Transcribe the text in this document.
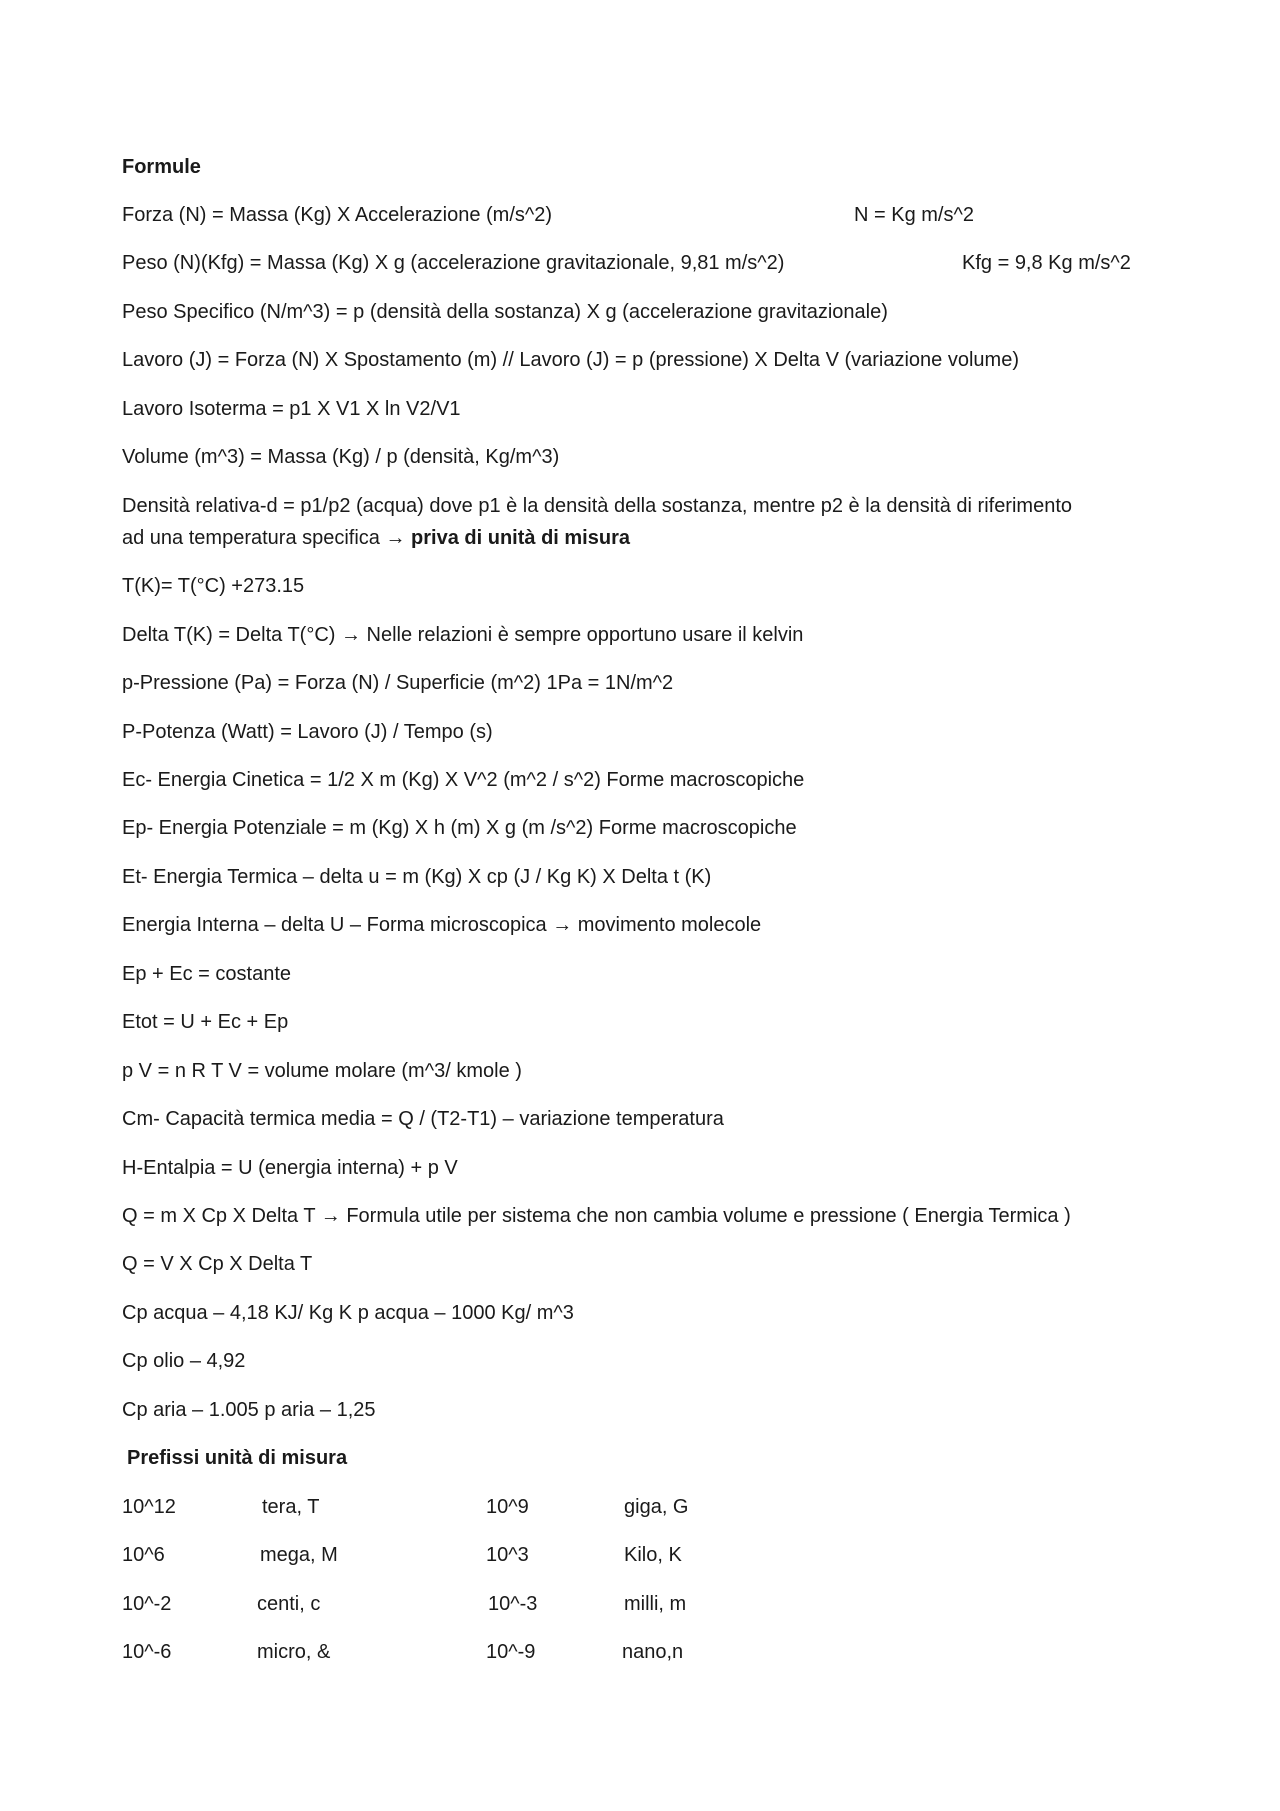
Formule
Forza (N) = Massa (Kg) X Accelerazione (m/s^2)	N = Kg m/s^2
Peso (N)(Kfg) = Massa (Kg) X g (accelerazione gravitazionale, 9,81 m/s^2)	Kfg = 9,8 Kg m/s^2
Peso Specifico (N/m^3) = p (densità della sostanza) X g (accelerazione gravitazionale)
Lavoro (J) = Forza (N) X Spostamento (m) // Lavoro (J) = p (pressione) X Delta V (variazione volume)
Lavoro Isoterma = p1 X V1 X ln V2/V1
Volume (m^3) = Massa (Kg) / p (densità, Kg/m^3)
Densità relativa-d = p1/p2 (acqua) dove p1 è la densità della sostanza, mentre p2 è la densità di riferimento
ad una temperatura specifica → priva di unità di misura
T(K)= T(°C) +273.15
Delta T(K) = Delta T(°C) → Nelle relazioni è sempre opportuno usare il kelvin
p-Pressione (Pa) = Forza (N) / Superficie (m^2) 1Pa = 1N/m^2
P-Potenza (Watt) = Lavoro (J) / Tempo (s)
Ec- Energia Cinetica = 1/2 X m (Kg) X V^2 (m^2 / s^2) Forme macroscopiche
Ep- Energia Potenziale = m (Kg) X h (m) X g (m /s^2) Forme macroscopiche
Et- Energia Termica – delta u = m (Kg) X cp (J / Kg K) X Delta t (K)
Energia Interna – delta U – Forma microscopica → movimento molecole
Ep + Ec = costante
Etot = U + Ec + Ep
p V = n R T V = volume molare (m^3/ kmole )
Cm- Capacità termica media = Q / (T2-T1) – variazione temperatura
H-Entalpia = U (energia interna) + p V
Q = m X Cp X Delta T → Formula utile per sistema che non cambia volume e pressione ( Energia Termica )
Q = V X Cp X Delta T
Cp acqua – 4,18 KJ/ Kg K p acqua – 1000 Kg/ m^3
Cp olio – 4,92
Cp aria – 1.005 p aria – 1,25
Prefissi unità di misura
10^12	tera, T	10^9	giga, G
10^6	mega, M	10^3	Kilo, K
10^-2	centi, c	10^-3	milli, m
10^-6	micro, &	10^-9	nano,n
